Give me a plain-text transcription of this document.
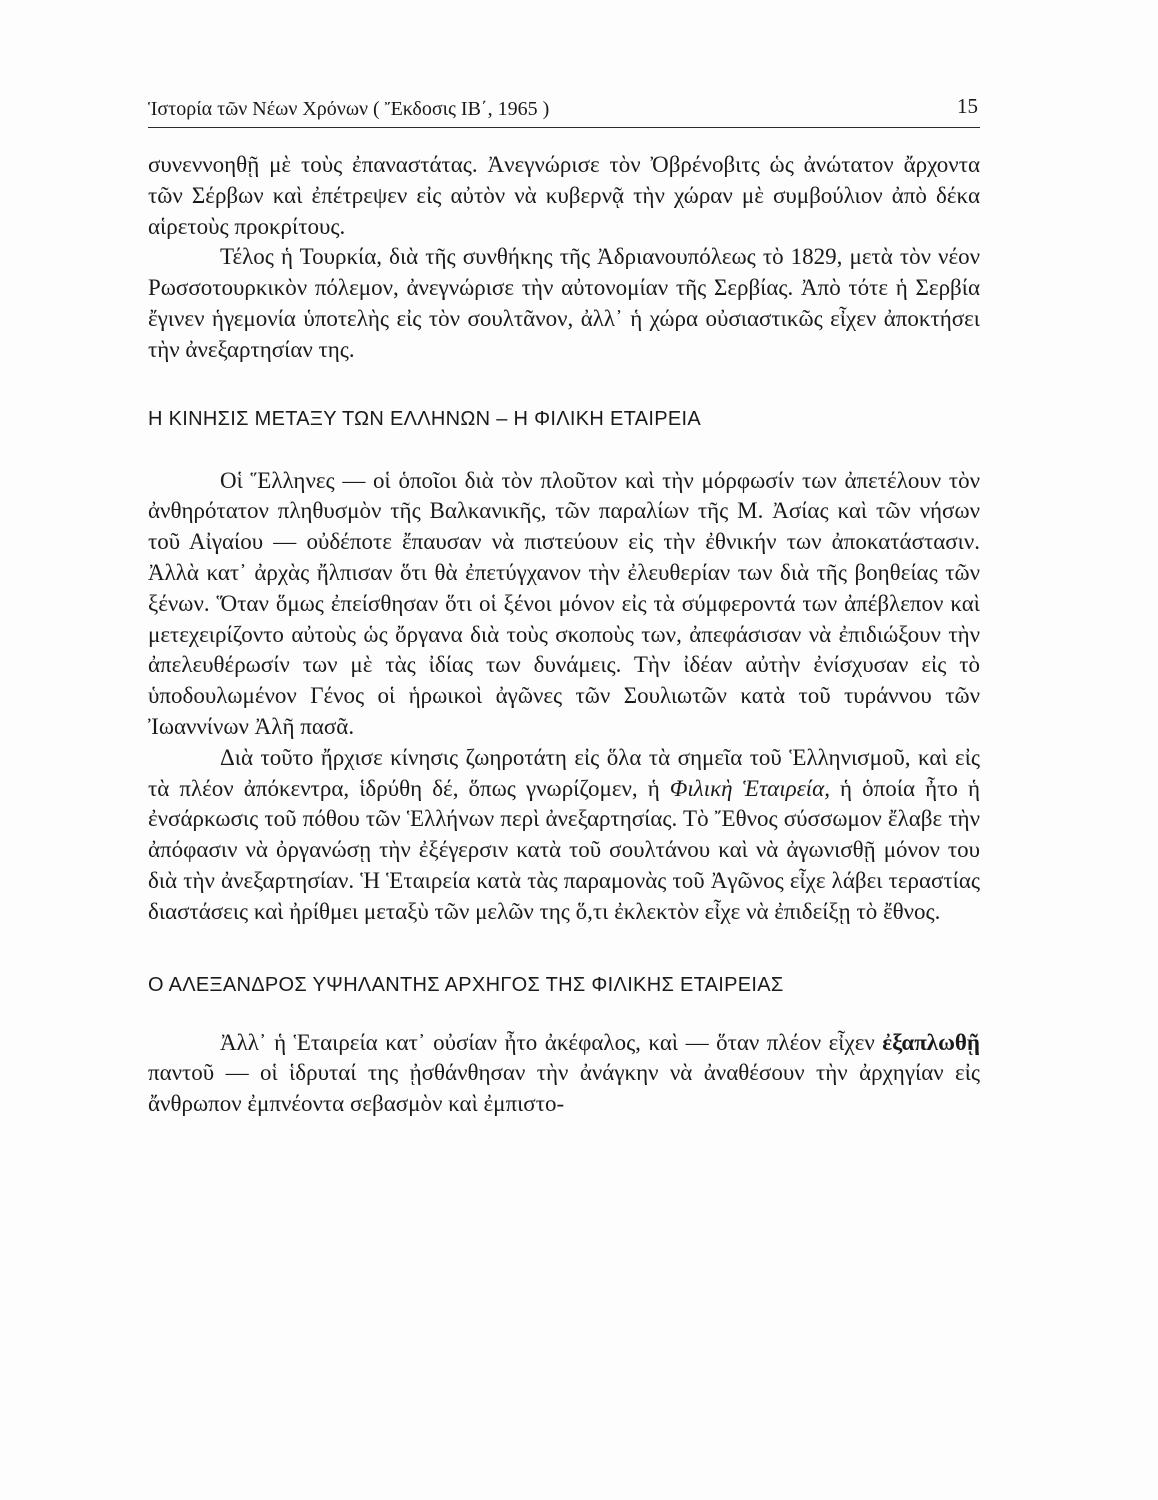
Ἱστορία τῶν Νέων Χρόνων ( Ἔκδοσις ΙΒ΄, 1965 )	15

συνεννοηθῇ μὲ τοὺς ἐπαναστάτας. Ἀνεγνώρισε τὸν Ὀβρένοβιτς ὡς ἀνώτατον ἄρχοντα τῶν Σέρβων καὶ ἐπέτρεψεν εἰς αὐτὸν νὰ κυβερνᾷ τὴν χώραν μὲ συμβούλιον ἀπὸ δέκα αἱρετοὺς προκρίτους.

Τέλος ἡ Τουρκία, διὰ τῆς συνθήκης τῆς Ἀδριανουπόλεως τὸ 1829, μετὰ τὸν νέον Ρωσσοτουρκικὸν πόλεμον, ἀνεγνώρισε τὴν αὐτονομίαν τῆς Σερβίας. Ἀπὸ τότε ἡ Σερβία ἔγινεν ἡγεμονία ὑποτελὴς εἰς τὸν σουλτᾶνον, ἀλλ᾿ ἡ χώρα οὐσιαστικῶς εἶχεν ἀποκτήσει τὴν ἀνεξαρτησίαν της.

Η ΚΙΝΗΣΙΣ ΜΕΤΑΞΥ ΤΩΝ ΕΛΛΗΝΩΝ – Η ΦΙΛΙΚΗ ΕΤΑΙΡΕΙΑ

Οἱ Ἕλληνες — οἱ ὁποῖοι διὰ τὸν πλοῦτον καὶ τὴν μόρφωσίν των ἀπετέλουν τὸν ἀνθηρότατον πληθυσμὸν τῆς Βαλκανικῆς, τῶν παραλίων τῆς Μ. Ἀσίας καὶ τῶν νήσων τοῦ Αἰγαίου — οὐδέποτε ἔπαυσαν νὰ πιστεύουν εἰς τὴν ἐθνικήν των ἀποκατάστασιν. Ἀλλὰ κατ᾿ ἀρχὰς ἤλπισαν ὅτι θὰ ἐπετύγχανον τὴν ἐλευθερίαν των διὰ τῆς βοηθείας τῶν ξένων. Ὅταν ὅμως ἐπείσθησαν ὅτι οἱ ξένοι μόνον εἰς τὰ σύμφεροντά των ἀπέβλεπον καὶ μετεχειρίζοντο αὐτοὺς ὡς ὄργανα διὰ τοὺς σκοποὺς των, ἀπεφάσισαν νὰ ἐπιδιώξουν τὴν ἀπελευθέρωσίν των μὲ τὰς ἰδίας των δυνάμεις. Τὴν ἰδέαν αὐτὴν ἐνίσχυσαν εἰς τὸ ὑποδουλωμένον Γένος οἱ ἡρωικοὶ ἀγῶνες τῶν Σουλιωτῶν κατὰ τοῦ τυράννου τῶν Ἰωαννίνων Ἀλῆ πασᾶ.

Διὰ τοῦτο ἤρχισε κίνησις ζωηροτάτη εἰς ὅλα τὰ σημεῖα τοῦ Ἑλληνισμοῦ, καὶ εἰς τὰ πλέον ἀπόκεντρα, ἱδρύθη δέ, ὅπως γνωρίζομεν, ἡ Φιλικὴ Ἑταιρεία, ἡ ὁποία ἦτο ἡ ἐνσάρκωσις τοῦ πόθου τῶν Ἑλλήνων περὶ ἀνεξαρτησίας. Τὸ Ἔθνος σύσσωμον ἔλαβε τὴν ἀπόφασιν νὰ ὀργανώσῃ τὴν ἐξέγερσιν κατὰ τοῦ σουλτάνου καὶ νὰ ἀγωνισθῇ μόνον του διὰ τὴν ἀνεξαρτησίαν. Ἡ Ἑταιρεία κατὰ τὰς παραμονὰς τοῦ Ἀγῶνος εἶχε λάβει τεραστίας διαστάσεις καὶ ἠρίθμει μεταξὺ τῶν μελῶν της ὅ,τι ἐκλεκτὸν εἶχε νὰ ἐπιδείξῃ τὸ ἔθνος.

Ο ΑΛΕΞΑΝΔΡΟΣ ΥΨΗΛΑΝΤΗΣ ΑΡΧΗΓΟΣ ΤΗΣ ΦΙΛΙΚΗΣ ΕΤΑΙΡΕΙΑΣ

Ἀλλ᾿ ἡ Ἑταιρεία κατ᾿ οὐσίαν ἦτο ἀκέφαλος, καὶ — ὅταν πλέον εἶχεν ἐξαπλωθῇ παντοῦ — οἱ ἱδρυταί της ᾐσθάνθησαν τὴν ἀνάγκην νὰ ἀναθέσουν τὴν ἀρχηγίαν εἰς ἄνθρωπον ἐμπνέοντα σεβασμὸν καὶ ἐμπιστο-
